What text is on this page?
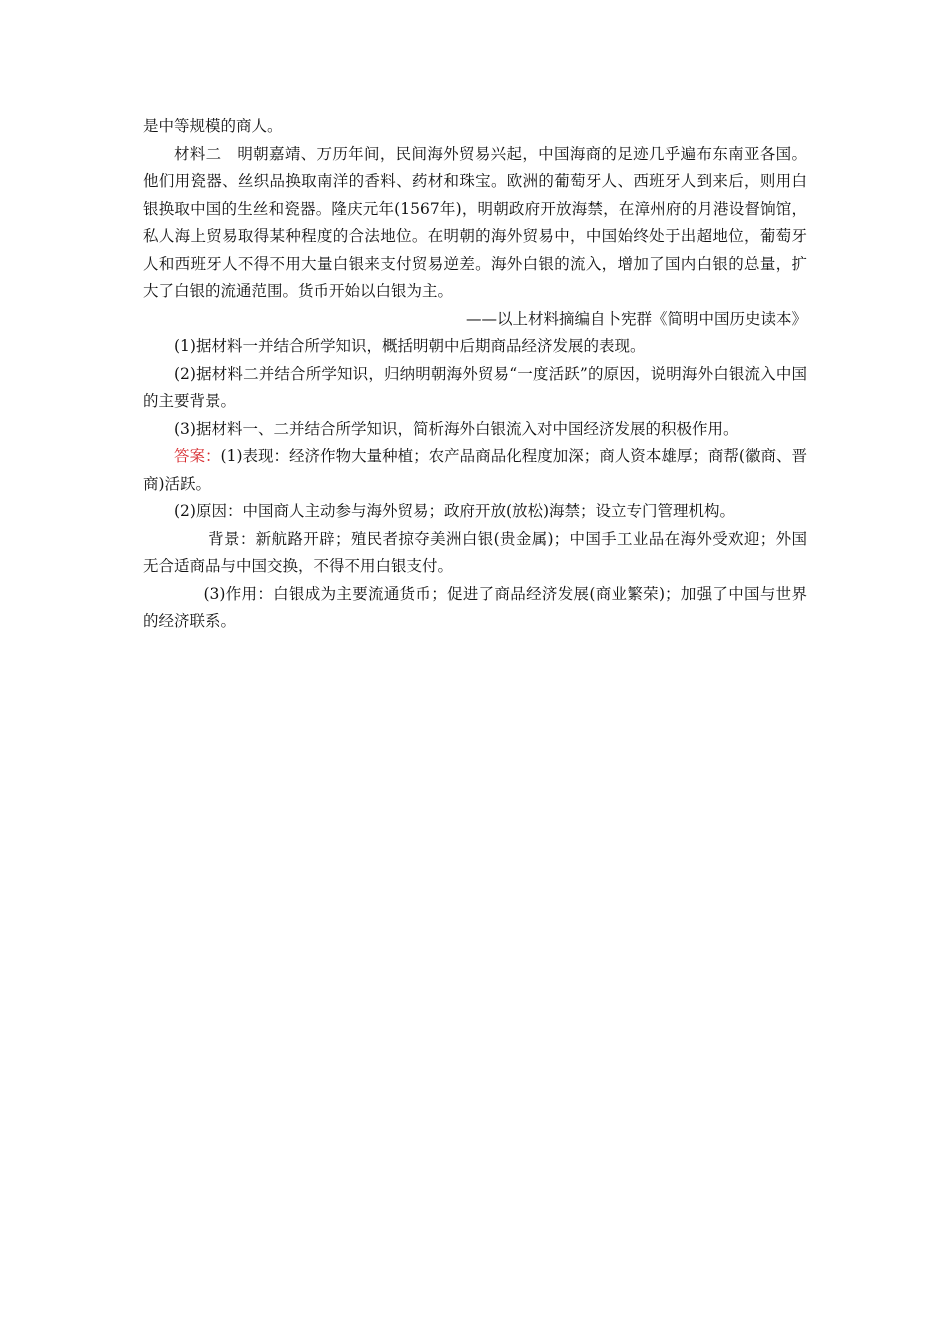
是中等规模的商人。

材料二 明朝嘉靖、万历年间，民间海外贸易兴起，中国海商的足迹几乎遍布东南亚各国。他们用瓷器、丝织品换取南洋的香料、药材和珠宝。欧洲的葡萄牙人、西班牙人到来后，则用白银换取中国的生丝和瓷器。隆庆元年(1567年)，明朝政府开放海禁，在漳州府的月港设督饷馆，私人海上贸易取得某种程度的合法地位。在明朝的海外贸易中，中国始终处于出超地位，葡萄牙人和西班牙人不得不用大量白银来支付贸易逆差。海外白银的流入，增加了国内白银的总量，扩大了白银的流通范围。货币开始以白银为主。

——以上材料摘编自卜宪群《简明中国历史读本》

(1)据材料一并结合所学知识，概括明朝中后期商品经济发展的表现。

(2)据材料二并结合所学知识，归纳明朝海外贸易“一度活跃”的原因，说明海外白银流入中国的主要背景。

(3)据材料一、二并结合所学知识，简析海外白银流入对中国经济发展的积极作用。

答案：(1)表现：经济作物大量种植；农产品商品化程度加深；商人资本雄厚；商帮(徽商、晋商)活跃。

(2)原因：中国商人主动参与海外贸易；政府开放(放松)海禁；设立专门管理机构。

背景：新航路开辟；殖民者掠夺美洲白银(贵金属)；中国手工业品在海外受欢迎；外国无合适商品与中国交换，不得不用白银支付。

(3)作用：白银成为主要流通货币；促进了商品经济发展(商业繁荣)；加强了中国与世界的经济联系。
